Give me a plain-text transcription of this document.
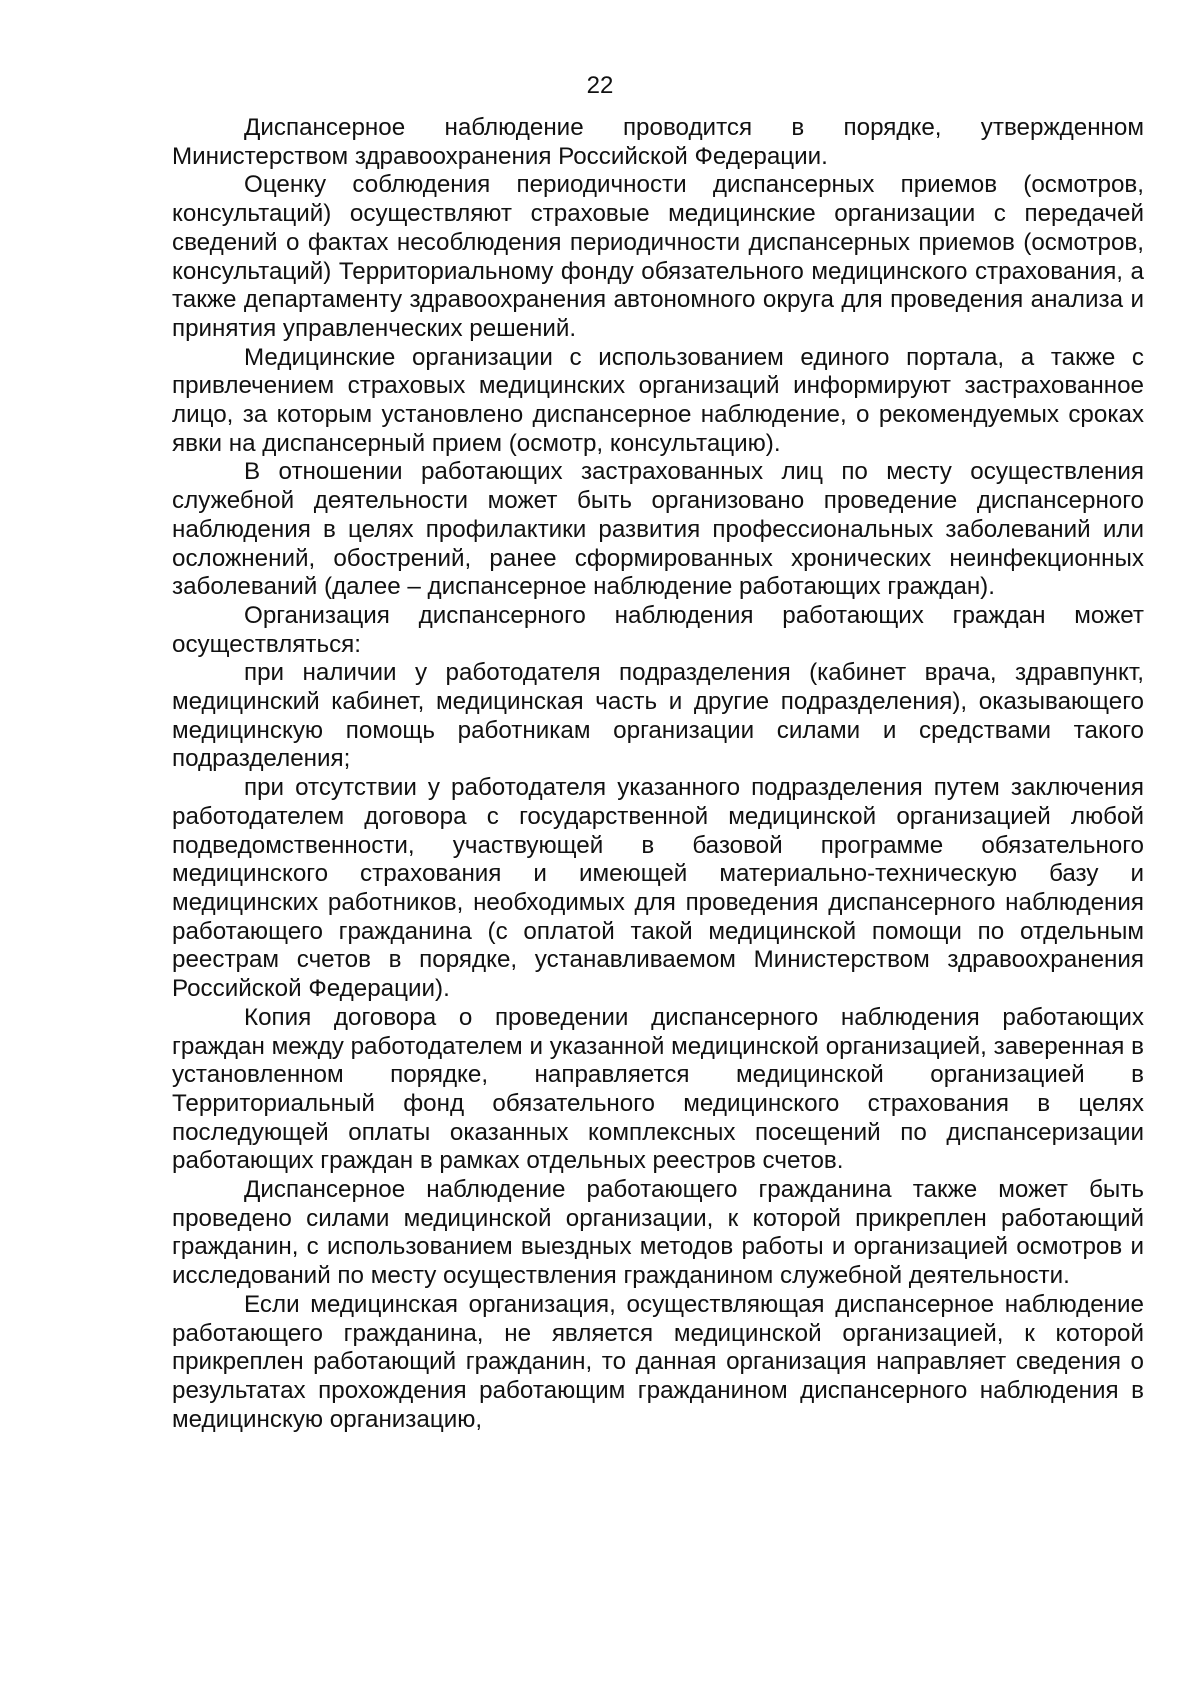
22

Диспансерное наблюдение проводится в порядке, утвержденном Министерством здравоохранения Российской Федерации.

Оценку соблюдения периодичности диспансерных приемов (осмотров, консультаций) осуществляют страховые медицинские организации с передачей сведений о фактах несоблюдения периодичности диспансерных приемов (осмотров, консультаций) Территориальному фонду обязательного медицинского страхования, а также департаменту здравоохранения автономного округа для проведения анализа и принятия управленческих решений.

Медицинские организации с использованием единого портала, а также с привлечением страховых медицинских организаций информируют застрахованное лицо, за которым установлено диспансерное наблюдение, о рекомендуемых сроках явки на диспансерный прием (осмотр, консультацию).

В отношении работающих застрахованных лиц по месту осуществления служебной деятельности может быть организовано проведение диспансерного наблюдения в целях профилактики развития профессиональных заболеваний или осложнений, обострений, ранее сформированных хронических неинфекционных заболеваний (далее – диспансерное наблюдение работающих граждан).

Организация диспансерного наблюдения работающих граждан может осуществляться:

при наличии у работодателя подразделения (кабинет врача, здравпункт, медицинский кабинет, медицинская часть и другие подразделения), оказывающего медицинскую помощь работникам организации силами и средствами такого подразделения;

при отсутствии у работодателя указанного подразделения путем заключения работодателем договора с государственной медицинской организацией любой подведомственности, участвующей в базовой программе обязательного медицинского страхования и имеющей материально-техническую базу и медицинских работников, необходимых для проведения диспансерного наблюдения работающего гражданина (с оплатой такой медицинской помощи по отдельным реестрам счетов в порядке, устанавливаемом Министерством здравоохранения Российской Федерации).

Копия договора о проведении диспансерного наблюдения работающих граждан между работодателем и указанной медицинской организацией, заверенная в установленном порядке, направляется медицинской организацией в Территориальный фонд обязательного медицинского страхования в целях последующей оплаты оказанных комплексных посещений по диспансеризации работающих граждан в рамках отдельных реестров счетов.

Диспансерное наблюдение работающего гражданина также может быть проведено силами медицинской организации, к которой прикреплен работающий гражданин, с использованием выездных методов работы и организацией осмотров и исследований по месту осуществления гражданином служебной деятельности.

Если медицинская организация, осуществляющая диспансерное наблюдение работающего гражданина, не является медицинской организацией, к которой прикреплен работающий гражданин, то данная организация направляет сведения о результатах прохождения работающим гражданином диспансерного наблюдения в медицинскую организацию,
